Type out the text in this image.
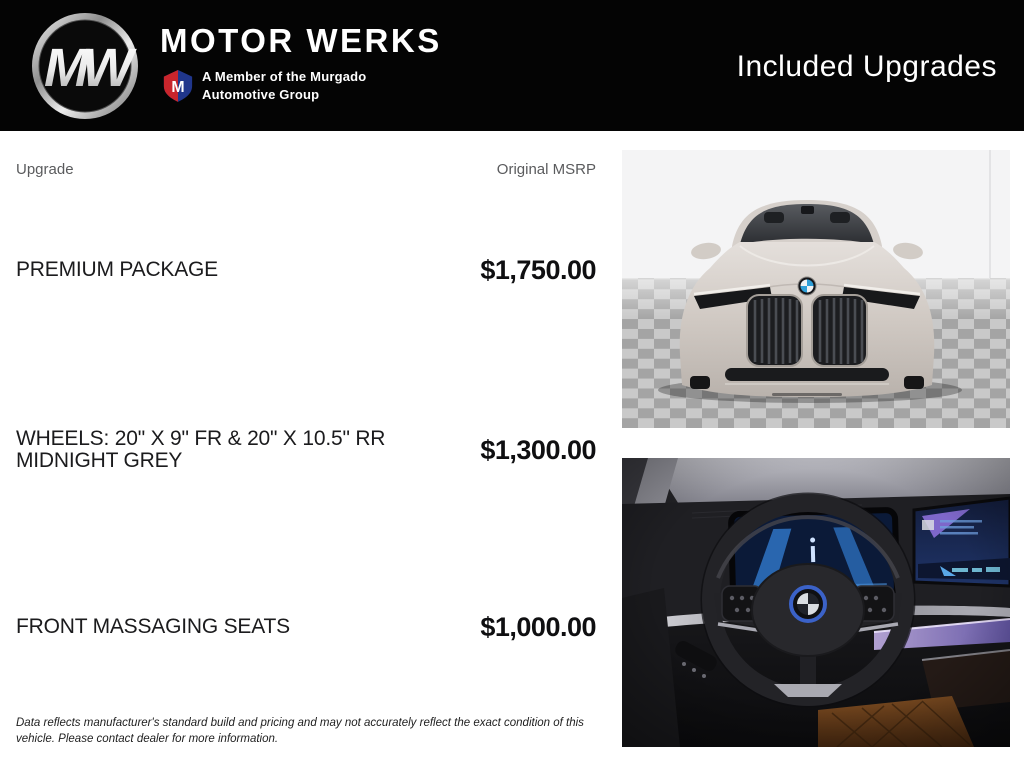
MW	MOTOR WERKS
M
A Member of the Murgado
Automotive Group
Included Upgrades
Upgrade	Original MSRP
PREMIUM PACKAGE	$1,750.00
WHEELS: 20" X 9" FR & 20" X 10.5" RR MIDNIGHT GREY	$1,300.00
FRONT MASSAGING SEATS	$1,000.00

Data reflects manufacturer's standard build and pricing and may not accurately reflect the exact condition of this vehicle. Please contact dealer for more information.
